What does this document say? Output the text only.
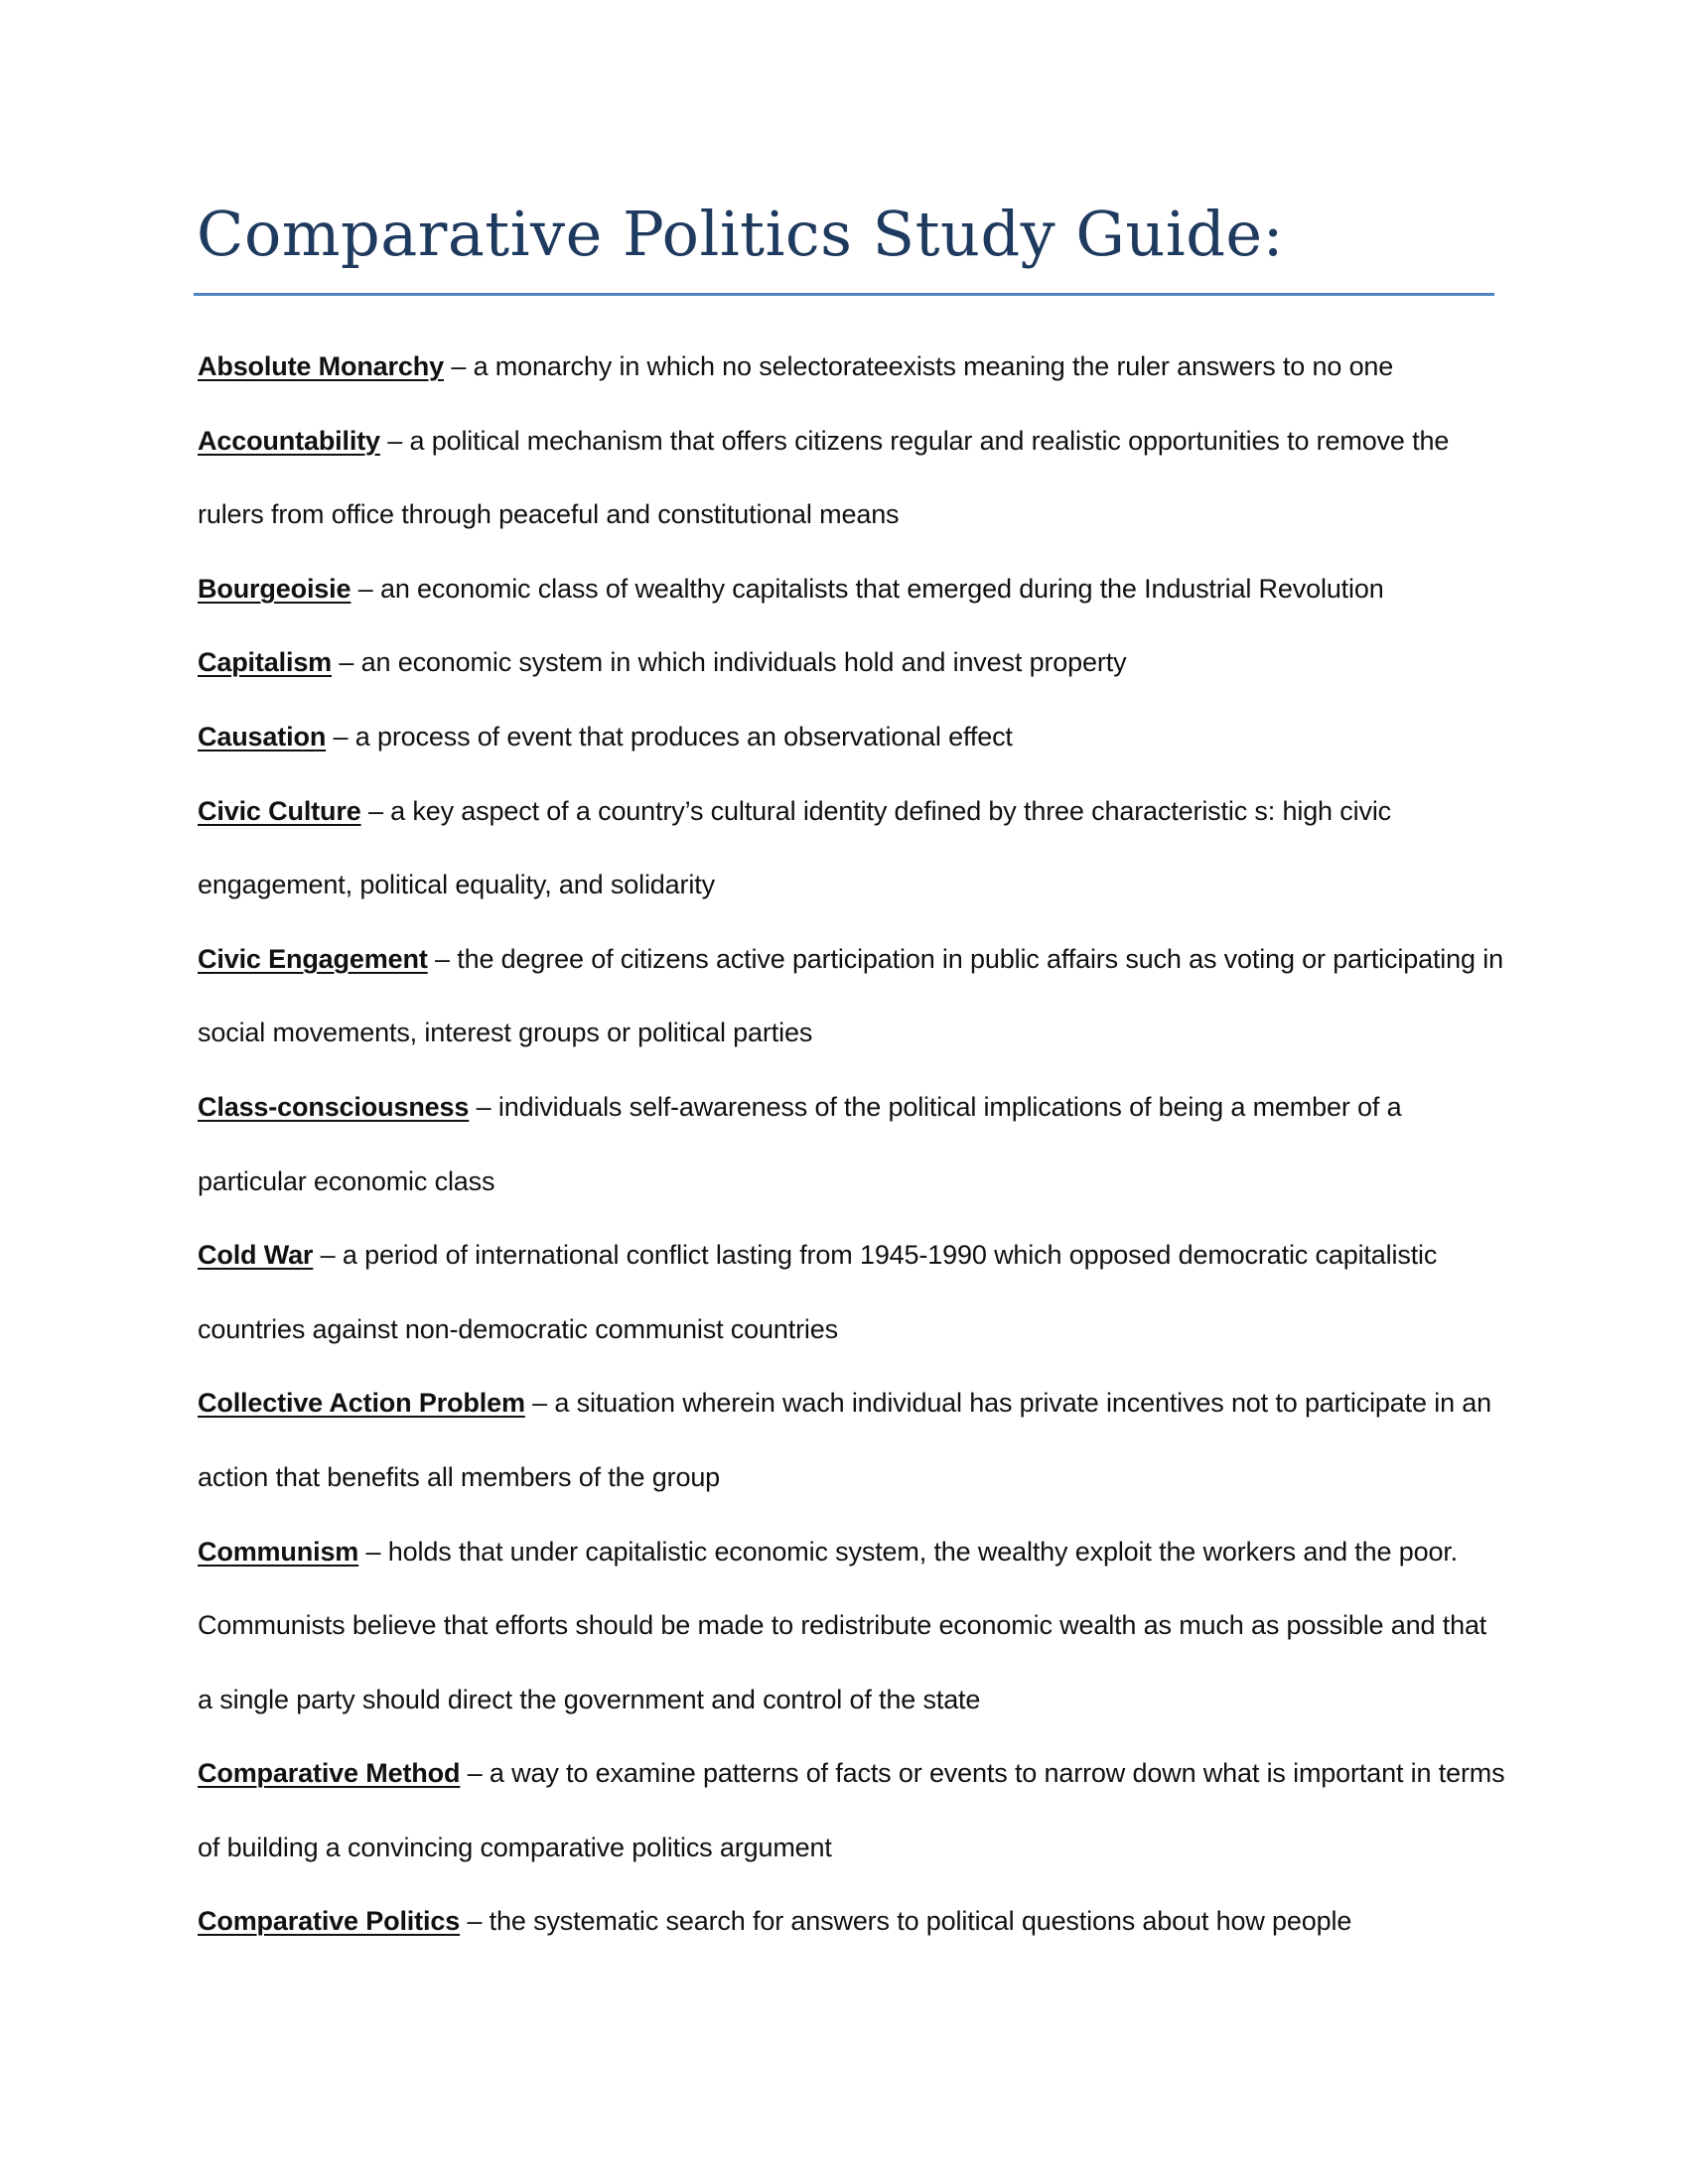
Comparative Politics Study Guide:
Absolute Monarchy – a monarchy in which no selectorateexists meaning the ruler answers to no one
Accountability – a political mechanism that offers citizens regular and realistic opportunities to remove the rulers from office through peaceful and constitutional means
Bourgeoisie – an economic class of wealthy capitalists that emerged during the Industrial Revolution
Capitalism – an economic system in which individuals hold and invest property
Causation – a process of event that produces an observational effect
Civic Culture – a key aspect of a country’s cultural identity defined by three characteristic s: high civic engagement, political equality, and solidarity
Civic Engagement – the degree of citizens active participation in public affairs such as voting or participating in social movements, interest groups or political parties
Class-consciousness – individuals self-awareness of the political implications of being a member of a particular economic class
Cold War – a period of international conflict lasting from 1945-1990 which opposed democratic capitalistic countries against non-democratic communist countries
Collective Action Problem – a situation wherein wach individual has private incentives not to participate in an action that benefits all members of the group
Communism – holds that under capitalistic economic system, the wealthy exploit the workers and the poor. Communists believe that efforts should be made to redistribute economic wealth as much as possible and that a single party should direct the government and control of the state
Comparative Method – a way to examine patterns of facts or events to narrow down what is important in terms of building a convincing comparative politics argument
Comparative Politics – the systematic search for answers to political questions about how people
